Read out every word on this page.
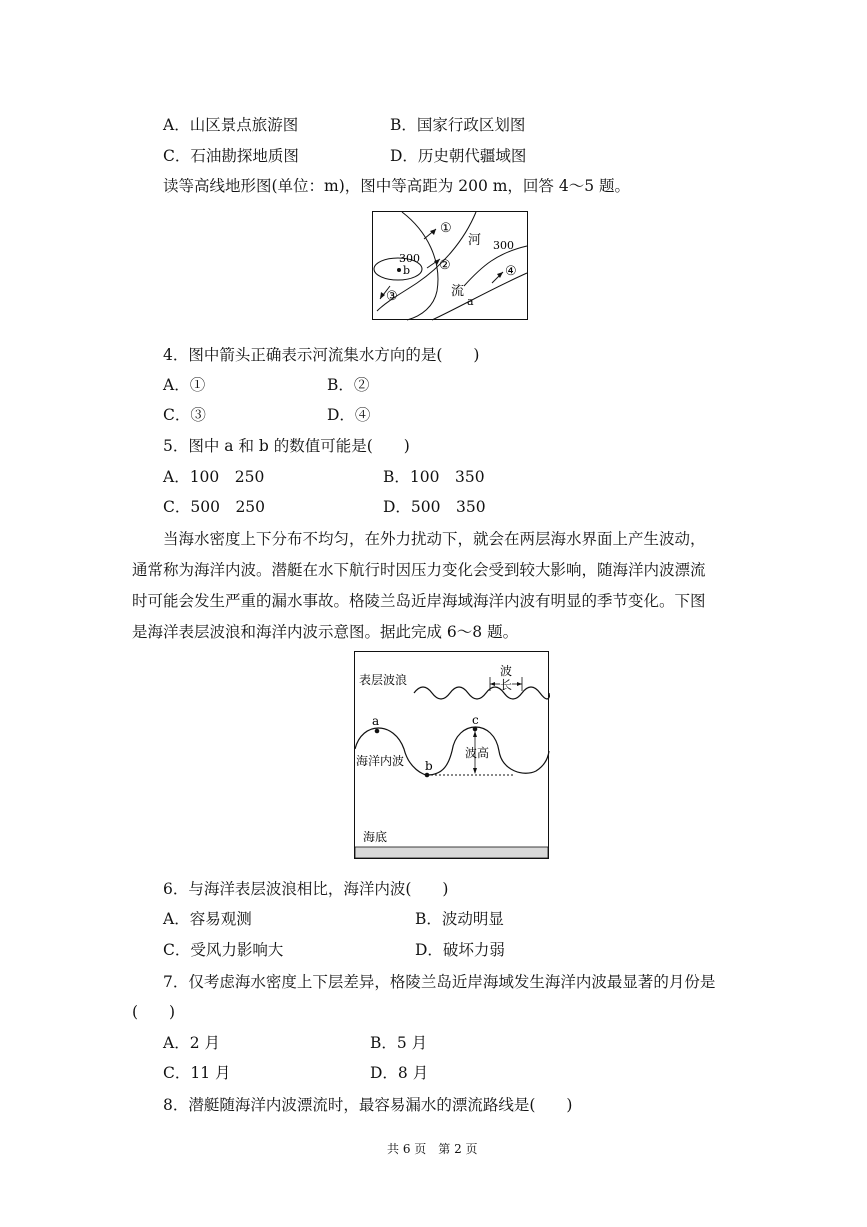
A．山区景点旅游图	B．国家行政区划图
C．石油勘探地质图	D．历史朝代疆域图
读等高线地形图(单位：m)，图中等高距为 200 m，回答 4～5 题。
①
②
③
④
河
流
300
300
b
a
4．图中箭头正确表示河流集水方向的是(　　)
A．①	B．②
C．③	D．④
5．图中 a 和 b 的数值可能是(　　)
A．100　250	B．100　350
C．500　250	D．500　350
当海水密度上下分布不均匀，在外力扰动下，就会在两层海水界面上产生波动，
通常称为海洋内波。潜艇在水下航行时因压力变化会受到较大影响，随海洋内波漂流
时可能会发生严重的漏水事故。格陵兰岛近岸海域海洋内波有明显的季节变化。下图
是海洋表层波浪和海洋内波示意图。据此完成 6～8 题。
表层波浪
波
长
海洋内波
波高
a
b
c
海底
6．与海洋表层波浪相比，海洋内波(　　)
A．容易观测	B．波动明显
C．受风力影响大	D．破坏力弱
7．仅考虑海水密度上下层差异，格陵兰岛近岸海域发生海洋内波最显著的月份是
(　　)
A．2 月	B．5 月
C．11 月	D．8 月
8．潜艇随海洋内波漂流时，最容易漏水的漂流路线是(　　)
共 6 页　第 2 页
